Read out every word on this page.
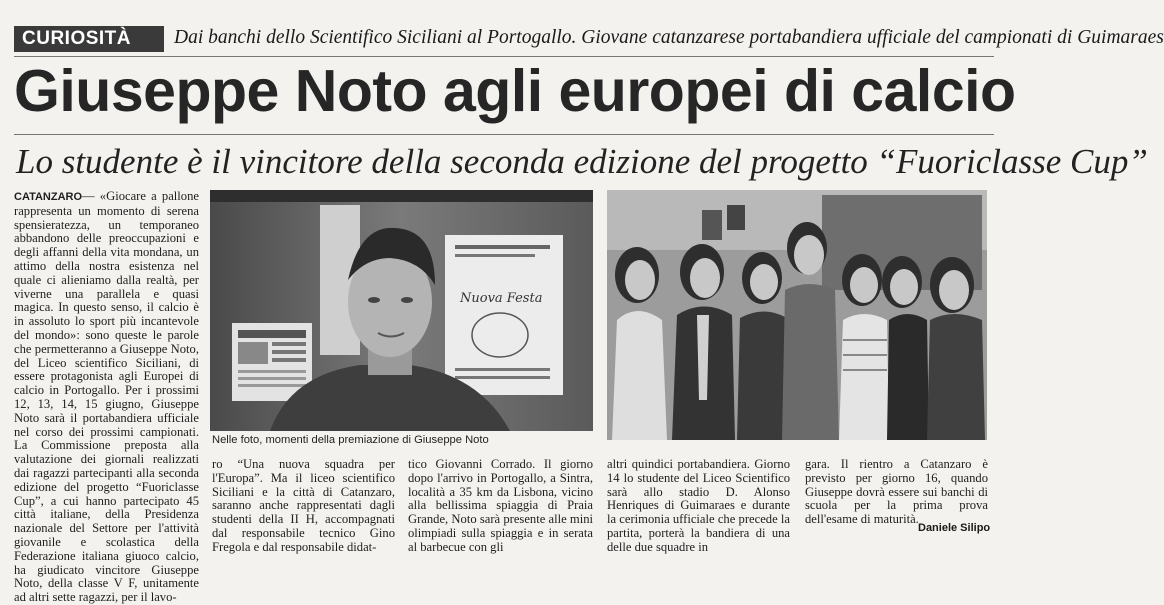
CURIOSITÀ	Dai banchi dello Scientifico Siciliani al Portogallo. Giovane catanzarese portabandiera ufficiale del campionati di Guimaraes
Giuseppe Noto agli europei di calcio
Lo studente è il vincitore della seconda edizione del progetto “Fuoriclasse Cup”
CATANZARO— «Giocare a pallone rappresenta un momento di serena spensieratezza, un temporaneo abbandono delle preoccupazioni e degli affanni della vita mondana, un attimo della nostra esistenza nel quale ci alieniamo dalla realtà, per viverne una parallela e quasi magica. In questo senso, il calcio è in assoluto lo sport più incantevole del mondo»: sono queste le parole che permetteranno a Giuseppe Noto, del Liceo scientifico Siciliani, di essere protagonista agli Europei di calcio in Portogallo. Per i prossimi 12, 13, 14, 15 giugno, Giuseppe Noto sarà il portabandiera ufficiale nel corso dei prossimi campionati. La Commissione preposta alla valutazione dei giornali realizzati dai ragazzi partecipanti alla seconda edizione del progetto “Fuoriclasse Cup”, a cui hanno partecipato 45 città italiane, della Presidenza nazionale del Settore per l'attività giovanile e scolastica della Federazione italiana giuoco calcio, ha giudicato vincitore Giuseppe Noto, della classe V F, unitamente ad altri sette ragazzi, per il lavo-
Nuova Festa
Nelle foto, momenti della premiazione di Giuseppe Noto
ro “Una nuova squadra per l'Europa”. Ma il liceo scientifico Siciliani e la città di Catanzaro, saranno anche rappresentati dagli studenti della II H, accompagnati dal responsabile tecnico Gino Fregola e dal responsabile didat-
tico Giovanni Corrado. Il giorno dopo l'arrivo in Portogallo, a Sintra, località a 35 km da Lisbona, vicino alla bellissima spiaggia di Praia Grande, Noto sarà presente alle mini olimpiadi sulla spiaggia e in serata al barbecue con gli
altri quindici portabandiera. Giorno 14 lo studente del Liceo Scientifico sarà allo stadio D. Alonso Henriques di Guimaraes e durante la cerimonia ufficiale che precede la partita, porterà la bandiera di una delle due squadre in
gara. Il rientro a Catanzaro è previsto per giorno 16, quando Giuseppe dovrà essere sui banchi di scuola per la prima prova dell'esame di maturità.
Daniele Silipo
